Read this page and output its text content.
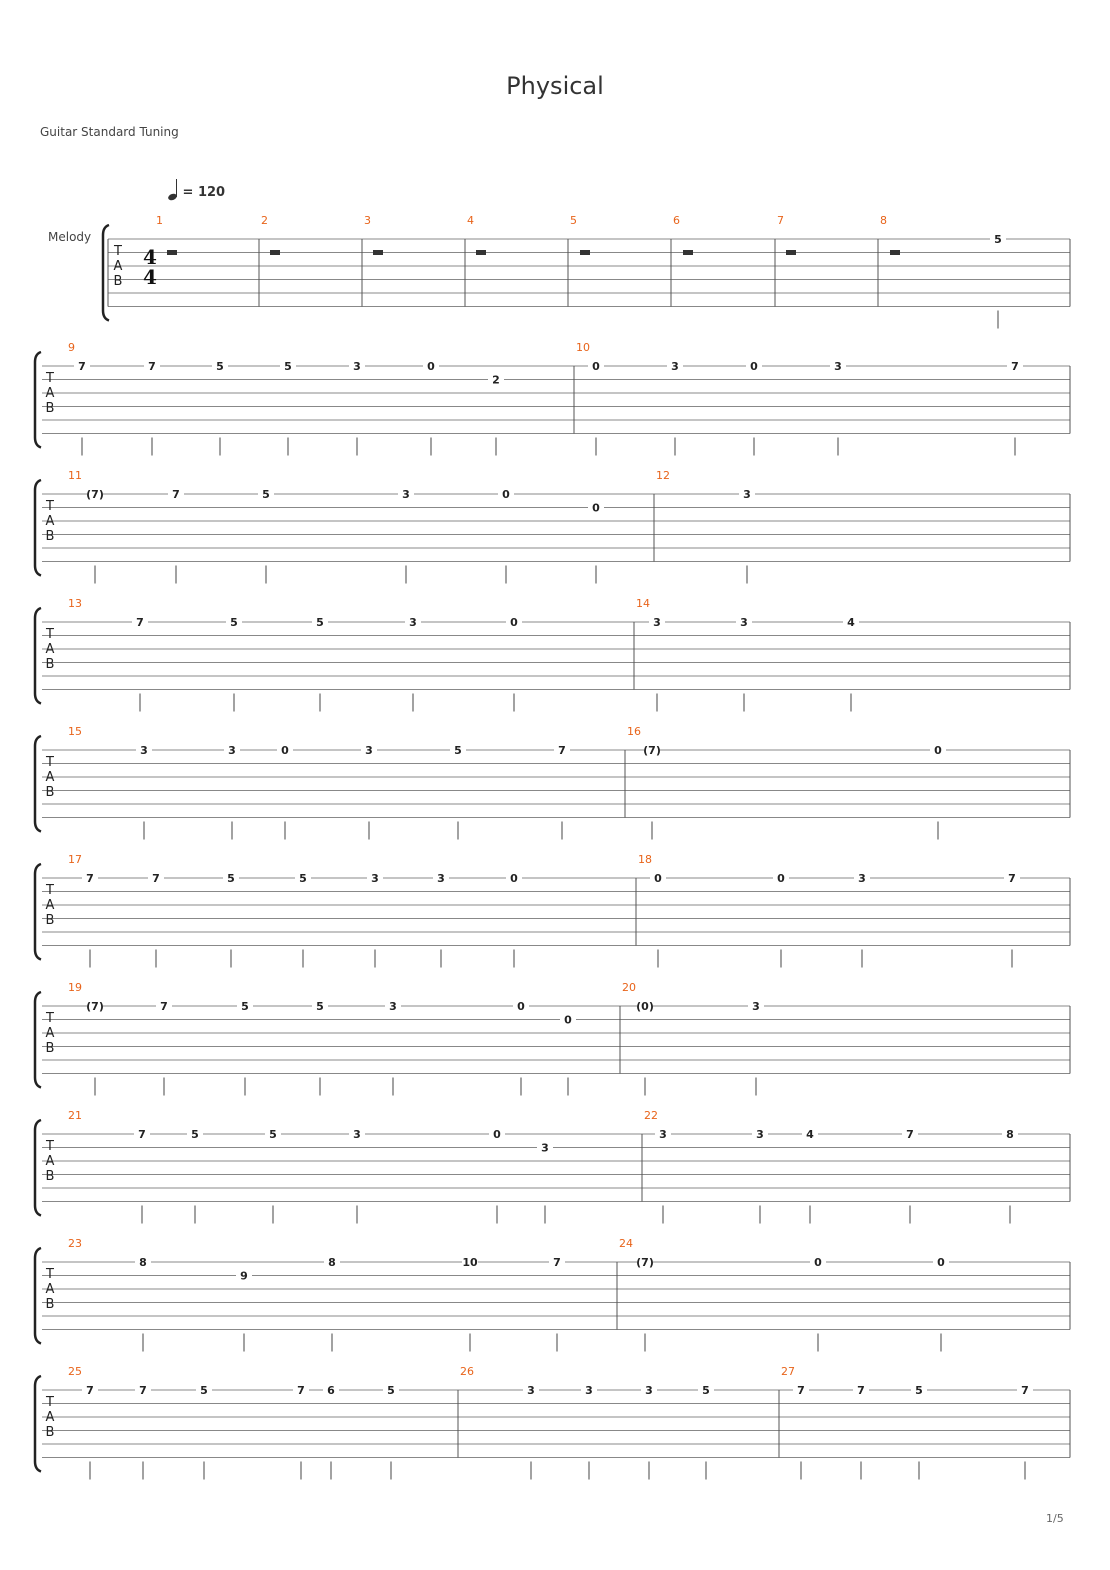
Physical
Guitar Standard Tuning
= 120
Melody
T
A
B
4
4
1	2	3	4	5	6	7	8
5
T
A
B
9	10
7	7	5	5	3	0
2
0	3	0	3	7
T
A
B
11	12
(7)	7	5	3	0
0
3
T
A
B
13	14
7	5	5	3	0	3	3	4
T
A
B
15	16
3	3	0	3	5	7	(7)	0
T
A
B
17	18
7	7	5	5	3	3	0	0	0	3	7
T
A
B
19	20
(7)	7	5	5	3	0
0
(0)	3
T
A
B
21	22
7	5	5	3	0
3
3	3	4	7	8
T
A
B
23	24
8
9
8	10	7	(7)	0	0
T
A
B
25	26	27
7	7	5	7 6	5	3	3	3	5	7	7	5	7
1/5
